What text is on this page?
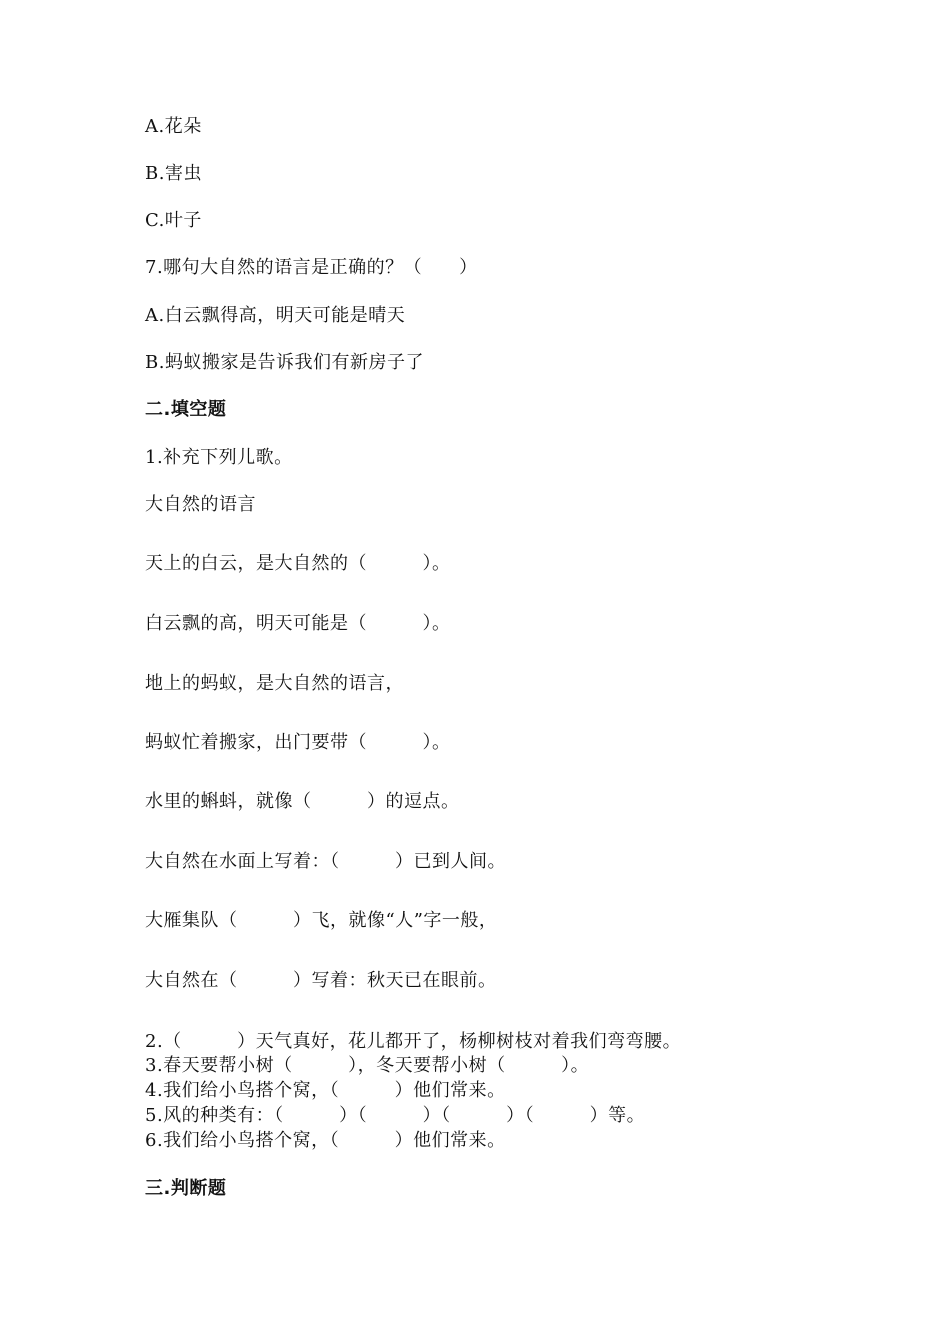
A.花朵
B.害虫
C.叶子
7.哪句大自然的语言是正确的？（　　）
A.白云飘得高，明天可能是晴天
B.蚂蚁搬家是告诉我们有新房子了
二.填空题
1.补充下列儿歌。
大自然的语言
天上的白云，是大自然的（　　　）。
白云飘的高，明天可能是（　　　）。
地上的蚂蚁，是大自然的语言，
蚂蚁忙着搬家，出门要带（　　　）。
水里的蝌蚪，就像（　　　）的逗点。
大自然在水面上写着：（　　　）已到人间。
大雁集队（　　　）飞，就像“人”字一般，
大自然在（　　　）写着：秋天已在眼前。
2.（　　　）天气真好，花儿都开了，杨柳树枝对着我们弯弯腰。
3.春天要帮小树（　　　），冬天要帮小树（　　　）。
4.我们给小鸟搭个窝，（　　　）他们常来。
5.风的种类有：（　　　）（　　　）（　　　）（　　　）等。
6.我们给小鸟搭个窝，（　　　）他们常来。
三.判断题
